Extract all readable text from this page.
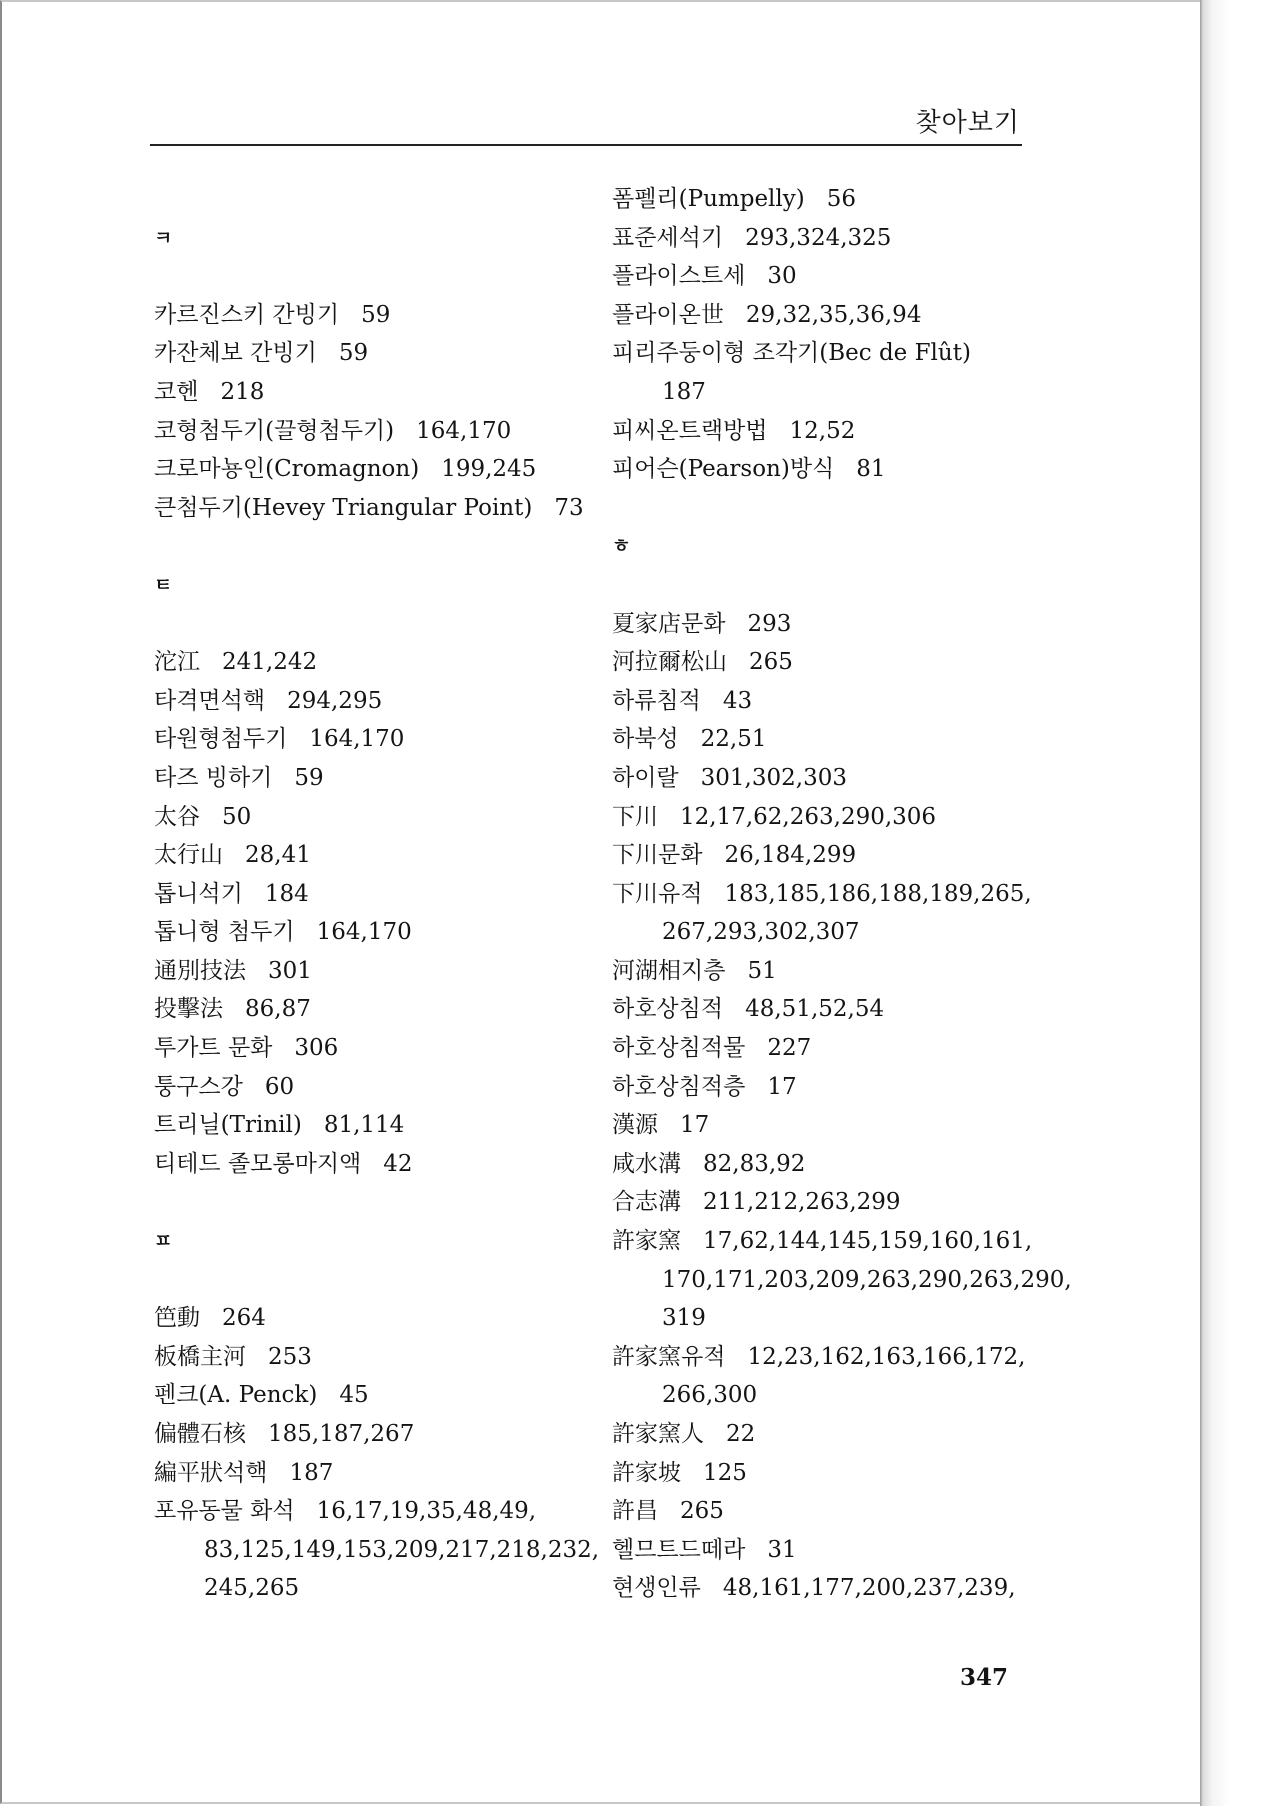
찾아보기
ㅋ
카르진스키 간빙기 59
카잔체보 간빙기 59
코헨 218
코형첨두기(끌형첨두기) 164,170
크로마뇽인(Cromagnon) 199,245
큰첨두기(Hevey Triangular Point) 73
ㅌ
沱江 241,242
타격면석핵 294,295
타원형첨두기 164,170
타즈 빙하기 59
太谷 50
太行山 28,41
톱니석기 184
톱니형 첨두기 164,170
通別技法 301
投擊法 86,87
투가트 문화 306
퉁구스강 60
트리닐(Trinil) 81,114
티테드 졸모롱마지액 42
ㅍ
笆動 264
板橋主河 253
펜크(A. Penck) 45
偏體石核 185,187,267
編平狀석핵 187
포유동물 화석 16,17,19,35,48,49,
83,125,149,153,209,217,218,232,
245,265
폼펠리(Pumpelly) 56
표준세석기 293,324,325
플라이스트세 30
플라이온世 29,32,35,36,94
피리주둥이형 조각기(Bec de Flût)
187
피씨온트랙방법 12,52
피어슨(Pearson)방식 81
ㅎ
夏家店문화 293
河拉爾松山 265
하류침적 43
하북성 22,51
하이랄 301,302,303
下川 12,17,62,263,290,306
下川문화 26,184,299
下川유적 183,185,186,188,189,265,
267,293,302,307
河湖相지층 51
하호상침적 48,51,52,54
하호상침적물 227
하호상침적층 17
漢源 17
咸水溝 82,83,92
合志溝 211,212,263,299
許家窯 17,62,144,145,159,160,161,
170,171,203,209,263,290,263,290,
319
許家窯유적 12,23,162,163,166,172,
266,300
許家窯人 22
許家坡 125
許昌 265
헬므트드떼라 31
현생인류 48,161,177,200,237,239,
347
